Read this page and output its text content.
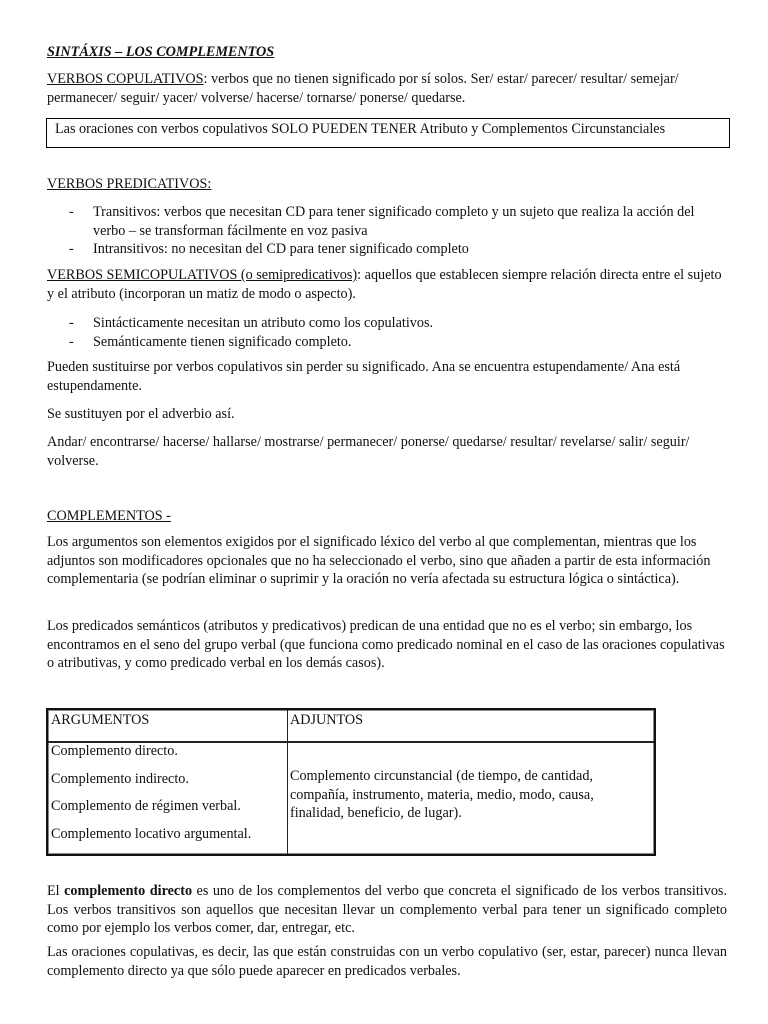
SINTÁXIS – LOS COMPLEMENTOS

VERBOS COPULATIVOS: verbos que no tienen significado por sí solos. Ser/ estar/ parecer/ resultar/ semejar/ permanecer/ seguir/ yacer/ volverse/ hacerse/ tornarse/ ponerse/ quedarse.

Las oraciones con verbos copulativos SOLO PUEDEN TENER Atributo y Complementos Circunstanciales

VERBOS PREDICATIVOS:

- Transitivos: verbos que necesitan CD para tener significado completo y un sujeto que realiza la acción del verbo – se transforman fácilmente en voz pasiva
- Intransitivos: no necesitan del CD para tener significado completo

VERBOS SEMICOPULATIVOS (o semipredicativos): aquellos que establecen siempre relación directa entre el sujeto y el atributo (incorporan un matiz de modo o aspecto).

- Sintácticamente necesitan un atributo como los copulativos.
- Semánticamente tienen significado completo.

Pueden sustituirse por verbos copulativos sin perder su significado. Ana se encuentra estupendamente/ Ana está estupendamente.

Se sustituyen por el adverbio así.

Andar/ encontrarse/ hacerse/ hallarse/ mostrarse/ permanecer/ ponerse/ quedarse/ resultar/ revelarse/ salir/ seguir/ volverse.

COMPLEMENTOS -

Los argumentos son elementos exigidos por el significado léxico del verbo al que complementan, mientras que los adjuntos son modificadores opcionales que no ha seleccionado el verbo, sino que añaden a partir de esta información complementaria (se podrían eliminar o suprimir y la oración no vería afectada su estructura lógica o sintáctica).

Los predicados semánticos (atributos y predicativos) predican de una entidad que no es el verbo; sin embargo, los encontramos en el seno del grupo verbal (que funciona como predicado nominal en el caso de las oraciones copulativas o atributivas, y como predicado verbal en los demás casos).

ARGUMENTOS	ADJUNTOS

Complemento directo.

Complemento indirecto.

Complemento de régimen verbal.

Complemento locativo argumental.

Complemento circunstancial (de tiempo, de cantidad, compañía, instrumento, materia, medio, modo, causa, finalidad, beneficio, de lugar).

El complemento directo es uno de los complementos del verbo que concreta el significado de los verbos transitivos. Los verbos transitivos son aquellos que necesitan llevar un complemento verbal para tener un significado completo como por ejemplo los verbos comer, dar, entregar, etc.

Las oraciones copulativas, es decir, las que están construidas con un verbo copulativo (ser, estar, parecer) nunca llevan complemento directo ya que sólo puede aparecer en predicados verbales.
